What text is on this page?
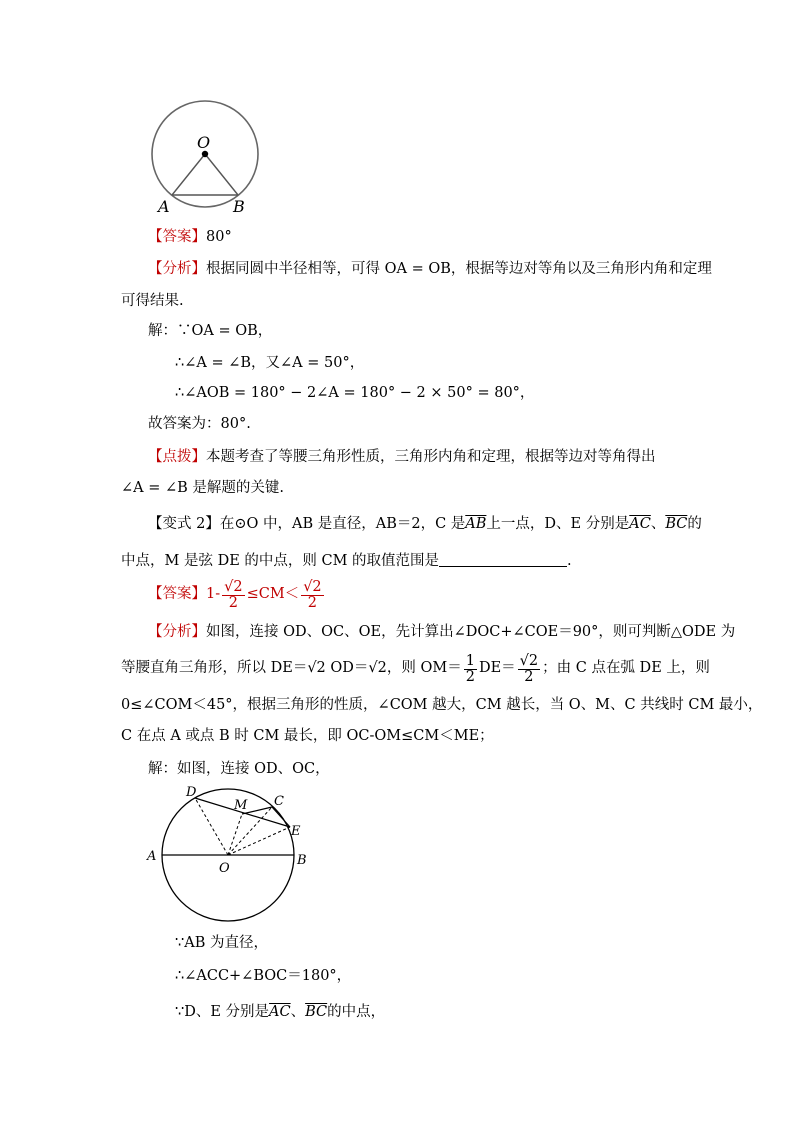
O
A	B
【答案】80°
【分析】根据同圆中半径相等，可得 OA = OB，根据等边对等角以及三角形内角和定理
可得结果.
解：∵OA = OB，
∴∠A = ∠B，又∠A = 50°，
∴∠AOB = 180° − 2∠A = 180° − 2 × 50° = 80°，
故答案为：80°.
【点拨】本题考查了等腰三角形性质，三角形内角和定理，根据等边对等角得出
∠A = ∠B 是解题的关键.
【变式 2】在⊙O 中，AB 是直径，AB＝2，C 是$\overline{AB}$上一点，D、E 分别是$\overline{AC}$、$\overline{BC}$的
中点，M 是弦 DE 的中点，则 CM 的取值范围是	.
【答案】$1- \frac{√2}{2} \le CM< \frac{√2}{2}$
【分析】如图，连接 OD、OC、OE，先计算出∠DOC+∠COE＝90°，则可判断△ODE 为
等腰直角三角形，所以 DE＝√2 OD＝√2，则 $OM= \frac{1}{2} DE= \frac{√2}{2}$ ；由 C 点在弧 DE 上，则
0≤∠COM＜45°，根据三角形的性质，∠COM 越大，CM 越长，当 O、M、C 共线时 CM 最小，
C 在点 A 或点 B 时 CM 最长，即 OC-OM≤CM＜ME；
解：如图，连接 OD、OC，
D
M C
E
A	B
O
∵AB 为直径，
∴∠ACC+∠BOC＝180°，
∵D、E 分别是$\overline{AC}$、$\overline{BC}$的中点，
